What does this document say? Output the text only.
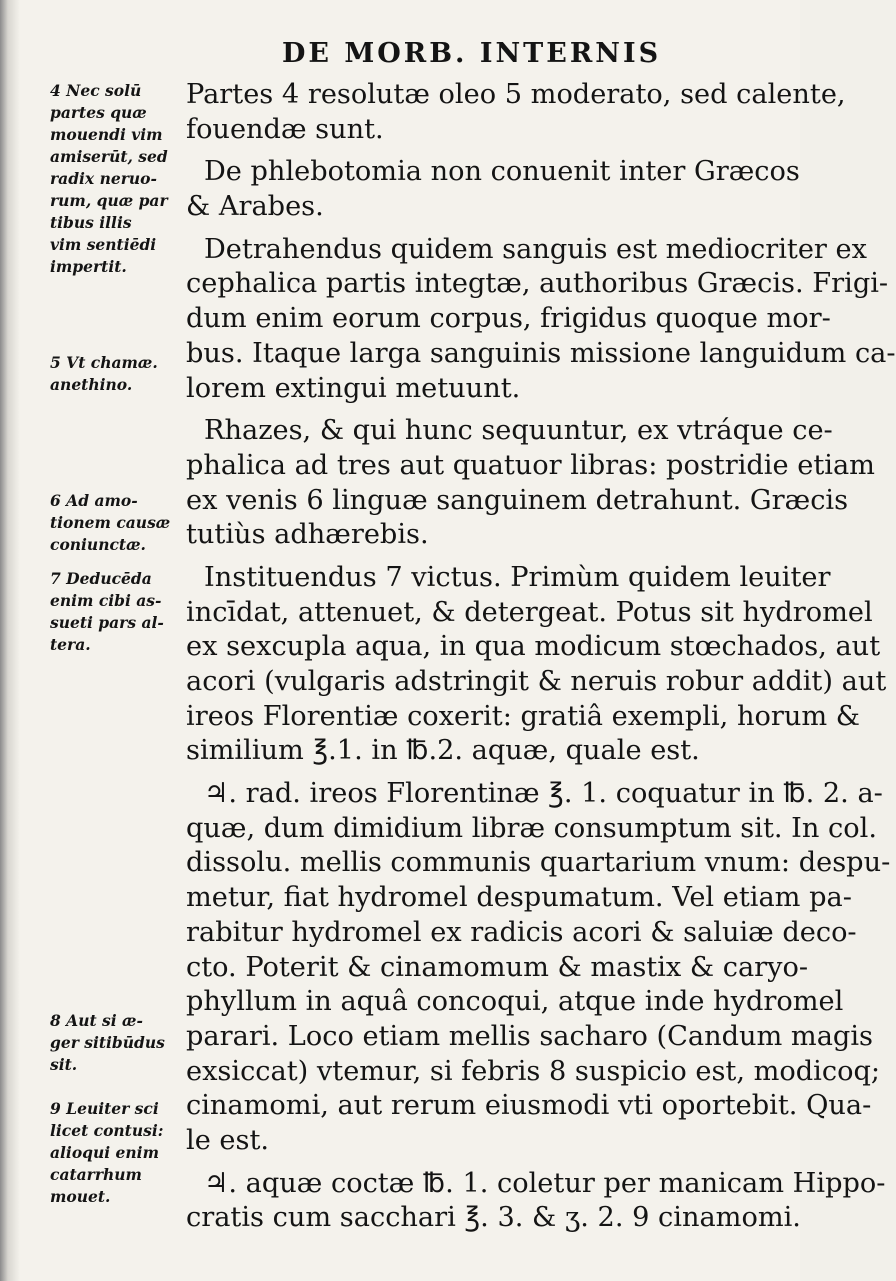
DE MORB. INTERNIS
4 Nec solū
partes quæ
mouendi vim
amiserūt, sed
radix neruo-
rum, quæ par
tibus illis
vim sentiēdi
impertit.
5 Vt chamæ.
anethino.
6 Ad amo-
tionem causæ
coniunctæ.
7 Deducēda
enim cibi as-
sueti pars al-
tera.
8 Aut si æ-
ger sitibūdus
sit.
9 Leuiter sci
licet contusi:
alioqui enim
catarrhum
mouet.
Partes 4 resolutæ oleo 5 moderato, sed calente,
fouendæ sunt.
De phlebotomia non conuenit inter Græcos
& Arabes.
Detrahendus quidem sanguis est mediocriter ex
cephalica partis integtæ, authoribus Græcis. Frigi-
dum enim eorum corpus, frigidus quoque mor-
bus. Itaque larga sanguinis missione languidum ca-
lorem extingui metuunt.
Rhazes, & qui hunc sequuntur, ex vtráque ce-
phalica ad tres aut quatuor libras: postridie etiam
ex venis 6 linguæ sanguinem detrahunt. Græcis
tutiùs adhærebis.
Instituendus 7 victus. Primùm quidem leuiter
incīdat, attenuet, & detergeat. Potus sit hydromel
ex sexcupla aqua, in qua modicum stœchados, aut
acori (vulgaris adstringit & neruis robur addit) aut
ireos Florentiæ coxerit: gratiâ exempli, horum &
similium ℥.1. in ℔.2. aquæ, quale est.
♃. rad. ireos Florentinæ ℥. 1. coquatur in ℔. 2. a-
quæ, dum dimidium libræ consumptum sit. In col.
dissolu. mellis communis quartarium vnum: despu-
metur, fiat hydromel despumatum. Vel etiam pa-
rabitur hydromel ex radicis acori & saluiæ deco-
cto. Poterit & cinamomum & mastix & caryo-
phyllum in aquâ concoqui, atque inde hydromel
parari. Loco etiam mellis sacharo (Candum magis
exsiccat) vtemur, si febris 8 suspicio est, modicoq;
cinamomi, aut rerum eiusmodi vti oportebit. Qua-
le est.
♃. aquæ coctæ ℔. 1. coletur per manicam Hippo-
cratis cum sacchari ℥. 3. & ʒ. 2. 9 cinamomi.
